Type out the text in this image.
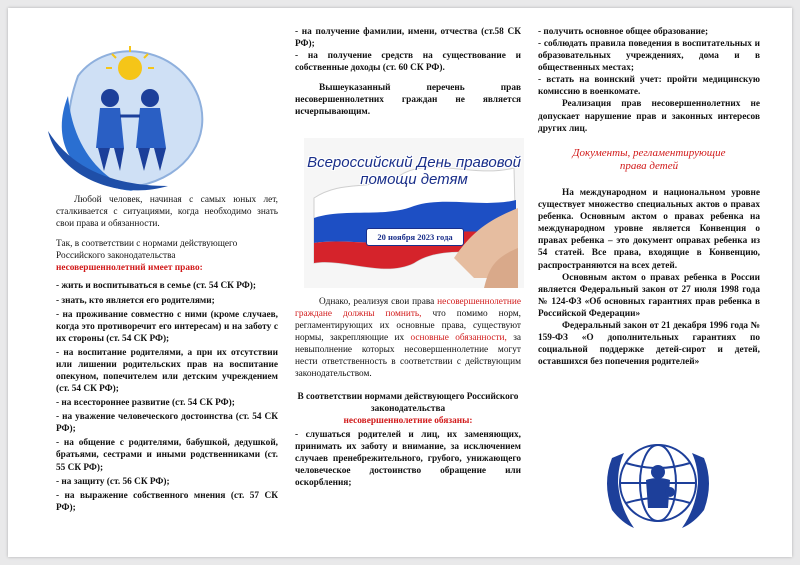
Любой человек, начиная с самых юных лет, сталкивается с ситуациями, когда необходимо знать свои права и обязанности.

Так, в соответствии с нормами действующего Российского законодательства
несовершеннолетний имеет право:

- жить и воспитываться в семье (ст. 54 СК РФ);
- знать, кто является его родителями;
- на проживание совместно с ними (кроме случаев, когда это противоречит его интересам) и на заботу с их стороны (ст. 54 СК РФ);
- на воспитание родителями, а при их отсутствии или лишении родительских прав на воспитание опекуном, попечителем или детским учреждением (ст. 54 СК РФ);
- на всестороннее развитие (ст. 54 СК РФ);
- на уважение человеческого достоинства (ст. 54 СК РФ);
- на общение с родителями, бабушкой, дедушкой, братьями, сестрами и иными родственниками (ст. 55 СК РФ);
- на защиту (ст. 56 СК РФ);
- на выражение собственного мнения (ст. 57 СК РФ);
- на получение фамилии, имени, отчества (ст.58 СК РФ);
- на получение средств на существование и собственные доходы (ст. 60 СК РФ).

Вышеуказанный перечень прав несовершеннолетних граждан не является исчерпывающим.

Всероссийский День правовой помощи детям
20 ноября 2023 года

Однако, реализуя свои права несовершеннолетние граждане должны помнить, что помимо норм, регламентирующих их основные права, существуют нормы, закрепляющие их основные обязанности, за невыполнение которых несовершеннолетние могут нести ответственность в соответствии с действующим законодательством.

В соответствии нормами действующего Российского законодательства
несовершеннолетние обязаны:

- слушаться родителей и лиц, их заменяющих, принимать их заботу и внимание, за исключением случаев пренебрежительного, грубого, унижающего человеческое достоинство обращение или оскорбления;
- получить основное общее образование;
- соблюдать правила поведения в воспитательных и образовательных учреждениях, дома и в общественных местах;
- встать на воинский учет: пройти медицинскую комиссию в военкомате.

Реализация прав несовершеннолетних не допускает нарушение прав и законных интересов других лиц.

Документы, регламентирующие
права детей

На международном и национальном уровне существует множество специальных актов о правах ребенка. Основным актом о правах ребенка на международном уровне является Конвенция о правах ребенка – это документ оправах ребенка из 54 статей. Все права, входящие в Конвенцию, распространяются на всех детей.

Основным актом о правах ребенка в России является Федеральный закон от 27 июля 1998 года № 124-ФЗ «Об основных гарантиях прав ребенка в Российской Федерации»

Федеральный закон от 21 декабря 1996 года № 159-ФЗ «О дополнительных гарантиях по социальной поддержке детей-сирот и детей, оставшихся без попечения родителей»
